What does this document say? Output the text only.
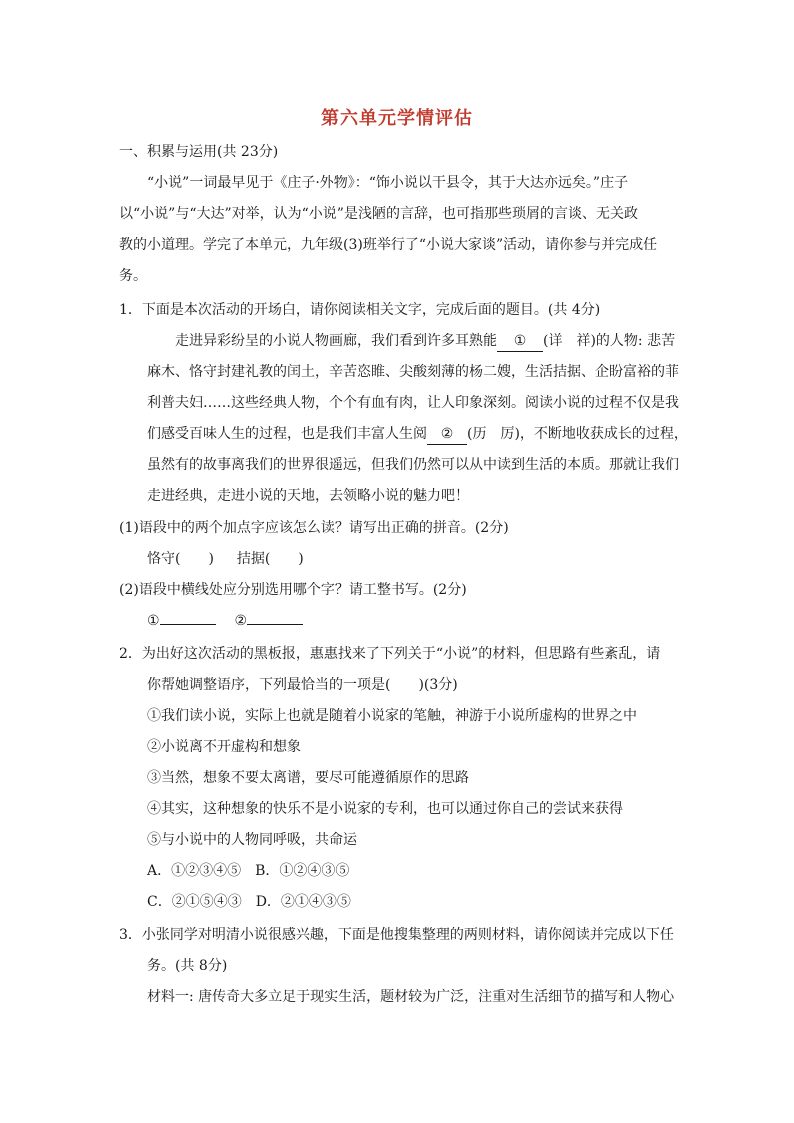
第六单元学情评估
一、积累与运用(共 23分)
“小说”一词最早见于《庄子·外物》：“饰小说以干县令，其于大达亦远矣。”庄子
以“小说”与“大达”对举，认为“小说”是浅陋的言辞，也可指那些琐屑的言谈、无关政
教的小道理。学完了本单元，九年级(3)班举行了“小说大家谈”活动，请你参与并完成任
务。
1．下面是本次活动的开场白，请你阅读相关文字，完成后面的题目。(共 4分)
走进异彩纷呈的小说人物画廊，我们看到许多耳熟能 ① (详　祥)的人物: 悲苦
麻木、恪守封建礼教的闰土，辛苦恣睢、尖酸刻薄的杨二嫂，生活拮据、企盼富裕的菲
利普夫妇……这些经典人物，个个有血有肉，让人印象深刻。阅读小说的过程不仅是我
们感受百味人生的过程，也是我们丰富人生阅 ② (历　厉)，不断地收获成长的过程，
虽然有的故事离我们的世界很遥远，但我们仍然可以从中读到生活的本质。那就让我们
走进经典，走进小说的天地，去领略小说的魅力吧！
(1)语段中的两个加点字应该怎么读？请写出正确的拼音。(2分)
恪守(　　) 拮据(　　)
(2)语段中横线处应分别选用哪个字？请工整书写。(2分)
①	②
2．为出好这次活动的黑板报，惠惠找来了下列关于“小说”的材料，但思路有些紊乱，请
你帮她调整语序，下列最恰当的一项是(　　)(3分)
①我们读小说，实际上也就是随着小说家的笔触，神游于小说所虚构的世界之中
②小说离不开虚构和想象
③当然，想象不要太离谱，要尽可能遵循原作的思路
④其实，这种想象的快乐不是小说家的专利，也可以通过你自己的尝试来获得
⑤与小说中的人物同呼吸，共命运
A．①②③④⑤　B．①②④③⑤
C．②①⑤④③　D．②①④③⑤
3．小张同学对明清小说很感兴趣，下面是他搜集整理的两则材料，请你阅读并完成以下任
务。(共 8分)
材料一: 唐传奇大多立足于现实生活，题材较为广泛，注重对生活细节的描写和人物心
